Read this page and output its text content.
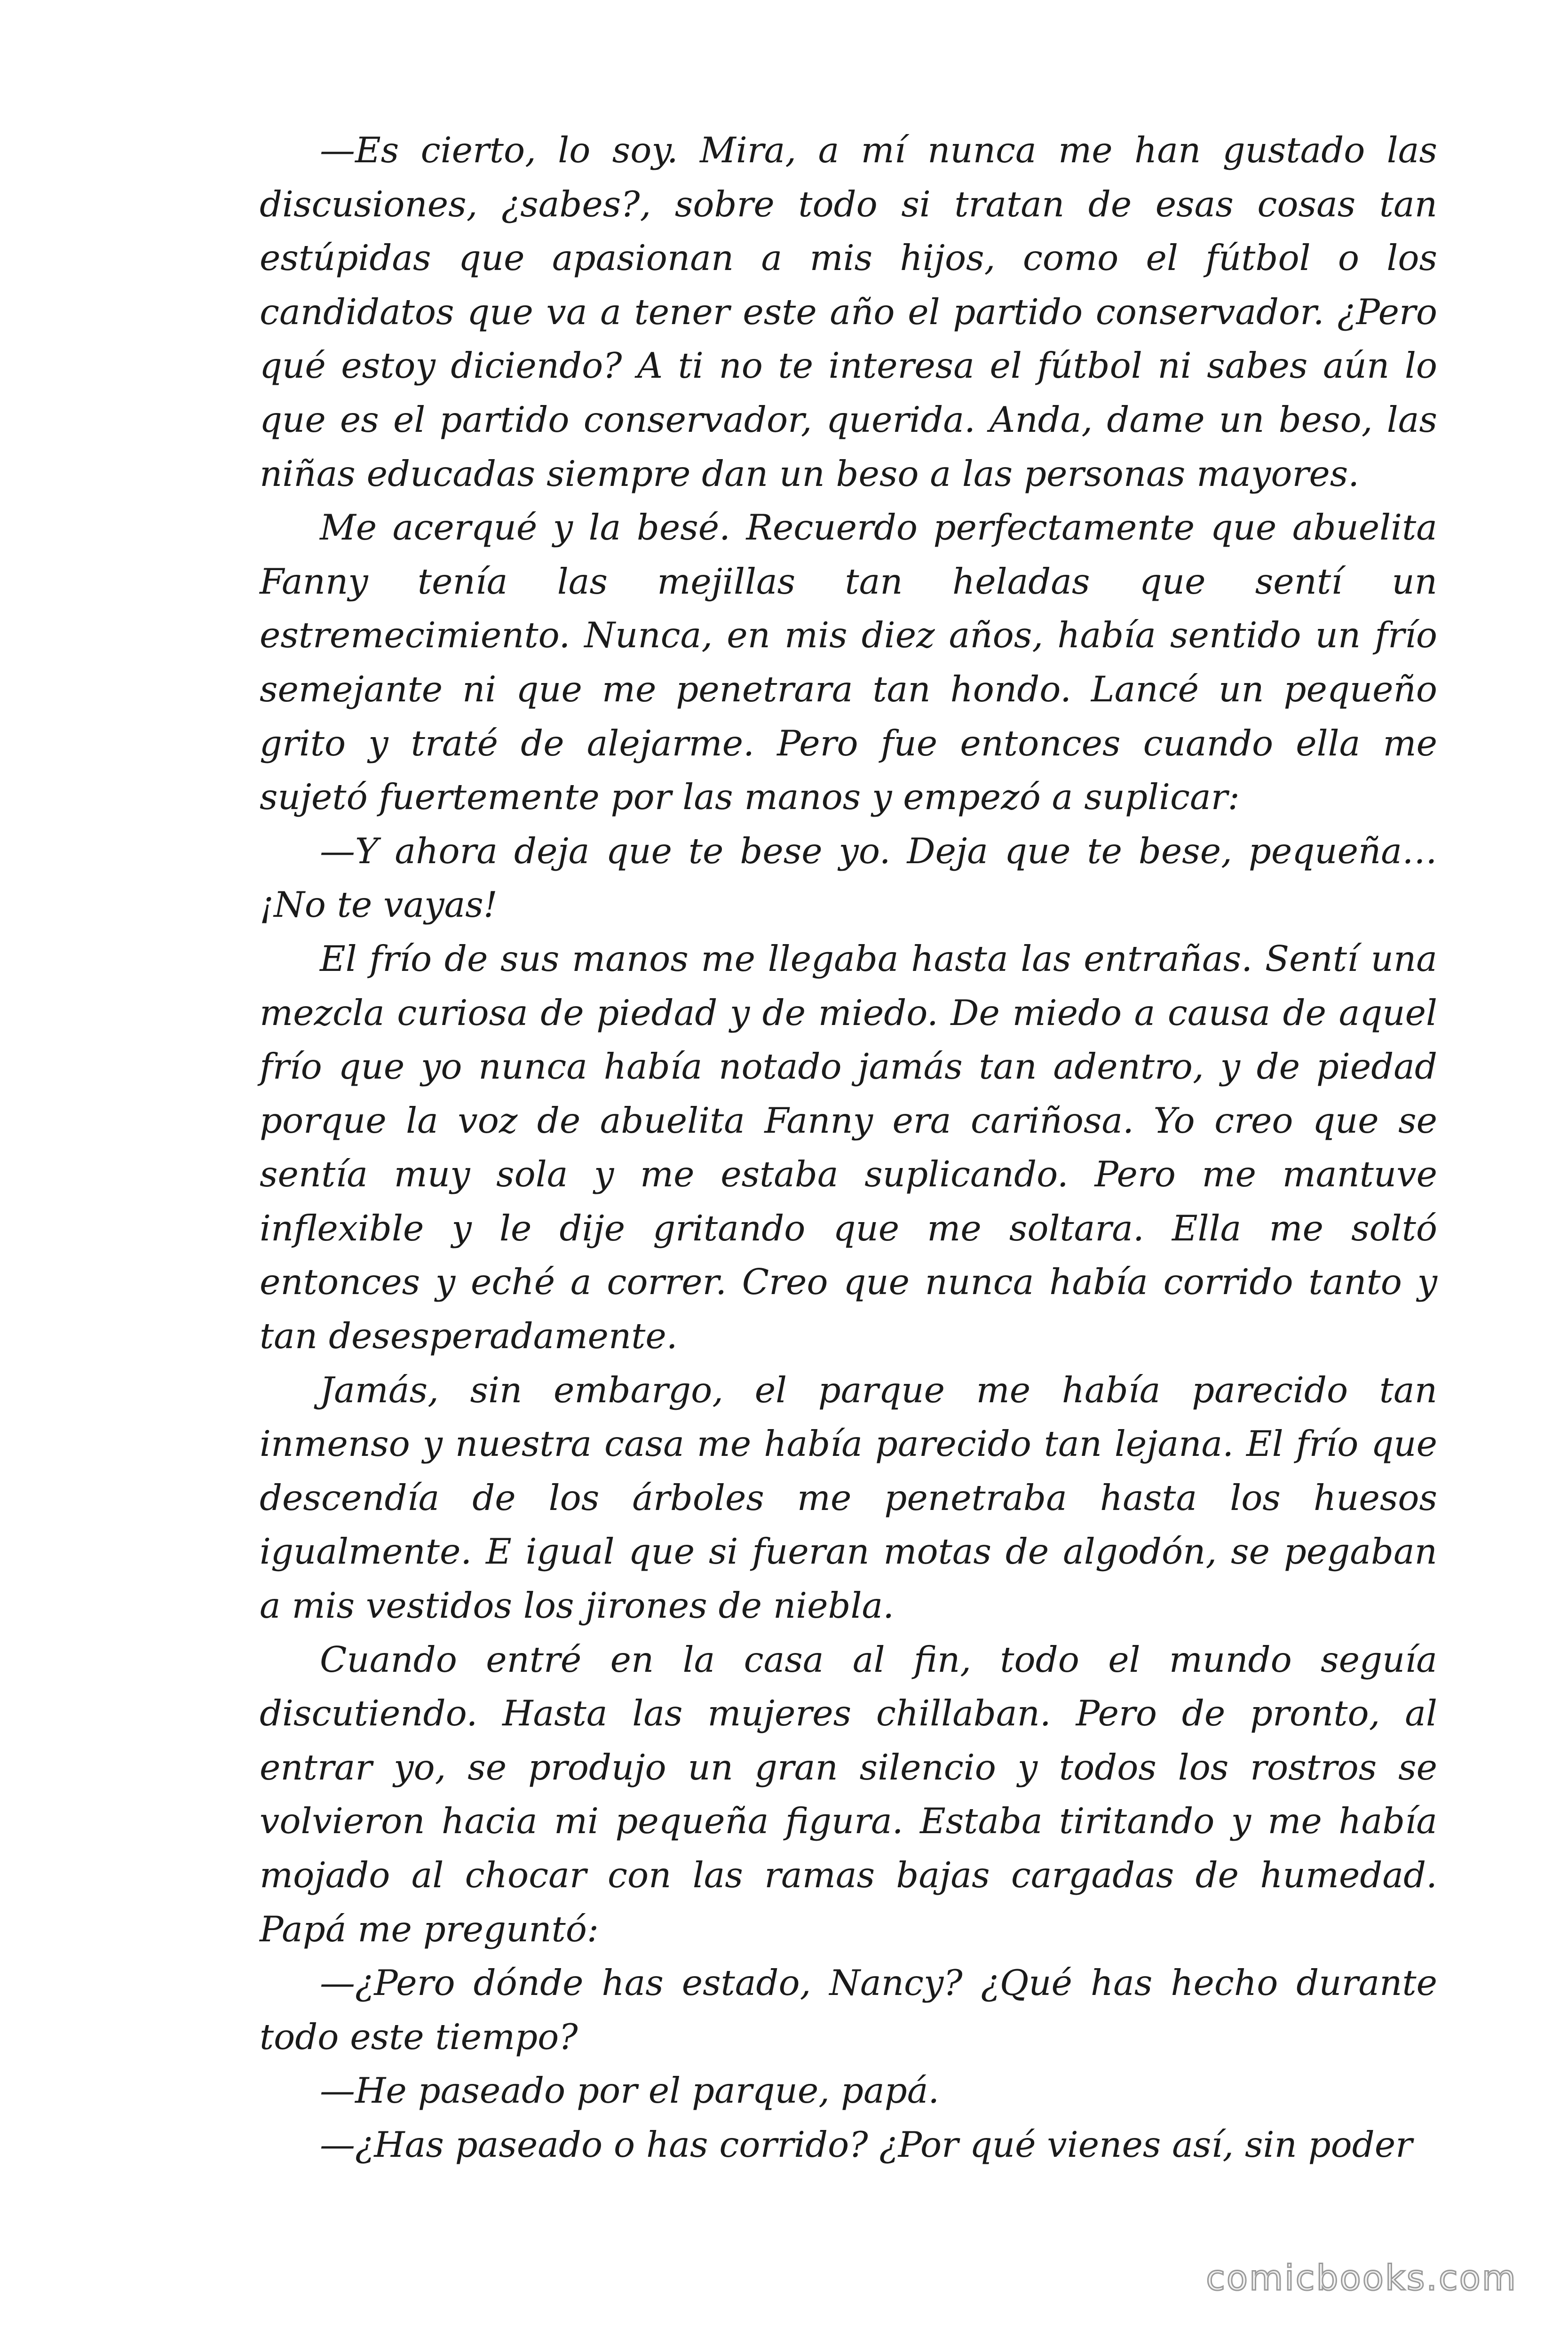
—Es cierto, lo soy. Mira, a mí nunca me han gustado las discusiones, ¿sabes?, sobre todo si tratan de esas cosas tan estúpidas que apasionan a mis hijos, como el fútbol o los candidatos que va a tener este año el partido conservador. ¿Pero qué estoy diciendo? A ti no te interesa el fútbol ni sabes aún lo que es el partido conservador, querida. Anda, dame un beso, las niñas educadas siempre dan un beso a las personas mayores.

Me acerqué y la besé. Recuerdo perfectamente que abuelita Fanny tenía las mejillas tan heladas que sentí un estremecimiento. Nunca, en mis diez años, había sentido un frío semejante ni que me penetrara tan hondo. Lancé un pequeño grito y traté de alejarme. Pero fue entonces cuando ella me sujetó fuertemente por las manos y empezó a suplicar:

—Y ahora deja que te bese yo. Deja que te bese, pequeña… ¡No te vayas!

El frío de sus manos me llegaba hasta las entrañas. Sentí una mezcla curiosa de piedad y de miedo. De miedo a causa de aquel frío que yo nunca había notado jamás tan adentro, y de piedad porque la voz de abuelita Fanny era cariñosa. Yo creo que se sentía muy sola y me estaba suplicando. Pero me mantuve inflexible y le dije gritando que me soltara. Ella me soltó entonces y eché a correr. Creo que nunca había corrido tanto y tan desesperadamente.

Jamás, sin embargo, el parque me había parecido tan inmenso y nuestra casa me había parecido tan lejana. El frío que descendía de los árboles me penetraba hasta los huesos igualmente. E igual que si fueran motas de algodón, se pegaban a mis vestidos los jirones de niebla.

Cuando entré en la casa al fin, todo el mundo seguía discutiendo. Hasta las mujeres chillaban. Pero de pronto, al entrar yo, se produjo un gran silencio y todos los rostros se volvieron hacia mi pequeña figura. Estaba tiritando y me había mojado al chocar con las ramas bajas cargadas de humedad. Papá me preguntó:

—¿Pero dónde has estado, Nancy? ¿Qué has hecho durante todo este tiempo?

—He paseado por el parque, papá.

—¿Has paseado o has corrido? ¿Por qué vienes así, sin poder

comicbooks.com
